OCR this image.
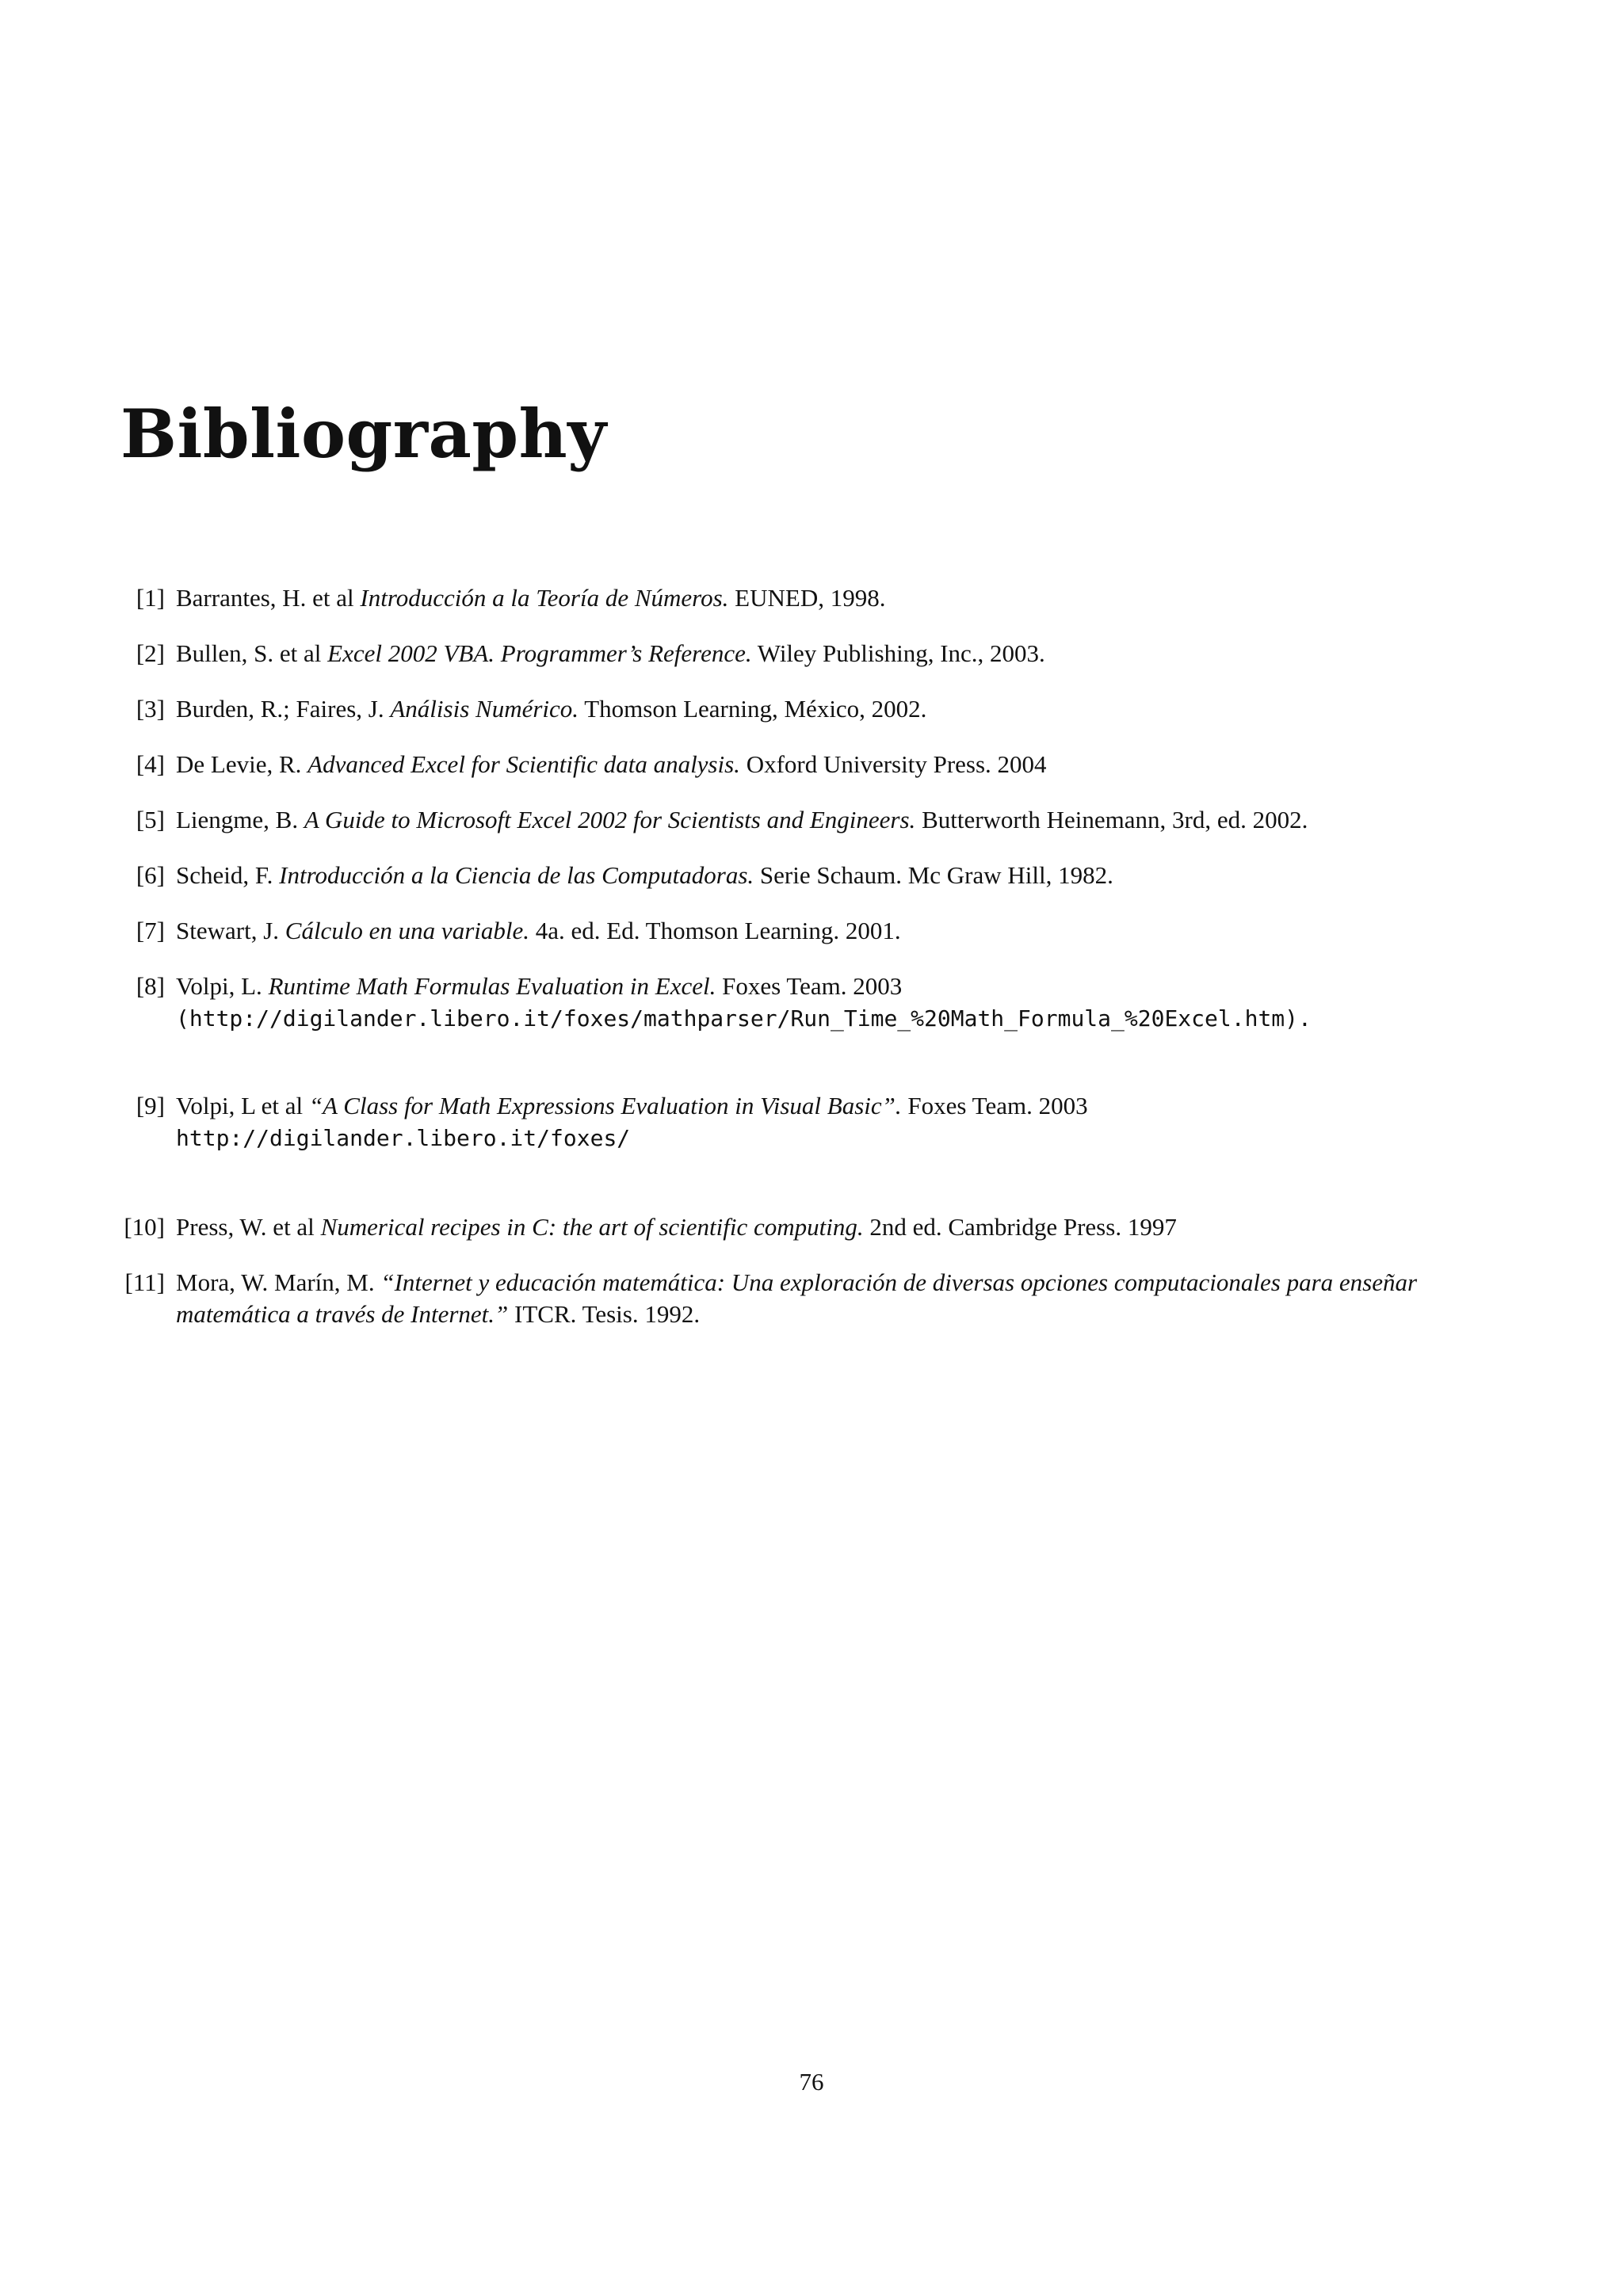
Bibliography
[1] Barrantes, H. et al Introducción a la Teoría de Números. EUNED, 1998.
[2] Bullen, S. et al Excel 2002 VBA. Programmer’s Reference. Wiley Publishing, Inc., 2003.
[3] Burden, R.; Faires, J. Análisis Numérico. Thomson Learning, México, 2002.
[4] De Levie, R. Advanced Excel for Scientific data analysis. Oxford University Press. 2004
[5] Liengme, B. A Guide to Microsoft Excel 2002 for Scientists and Engineers. Butterworth Heinemann, 3rd, ed. 2002.
[6] Scheid, F. Introducción a la Ciencia de las Computadoras. Serie Schaum. Mc Graw Hill, 1982.
[7] Stewart, J. Cálculo en una variable. 4a. ed. Ed. Thomson Learning. 2001.
[8] Volpi, L. Runtime Math Formulas Evaluation in Excel. Foxes Team. 2003
(http://digilander.libero.it/foxes/mathparser/Run_Time_%20Math_Formula_%20Excel.htm).
[9] Volpi, L et al “A Class for Math Expressions Evaluation in Visual Basic”. Foxes Team. 2003
http://digilander.libero.it/foxes/
[10] Press, W. et al Numerical recipes in C: the art of scientific computing. 2nd ed. Cambridge Press. 1997
[11] Mora, W. Marín, M. “Internet y educación matemática: Una exploración de diversas opciones computacionales para enseñar matemática a través de Internet.” ITCR. Tesis. 1992.
76
